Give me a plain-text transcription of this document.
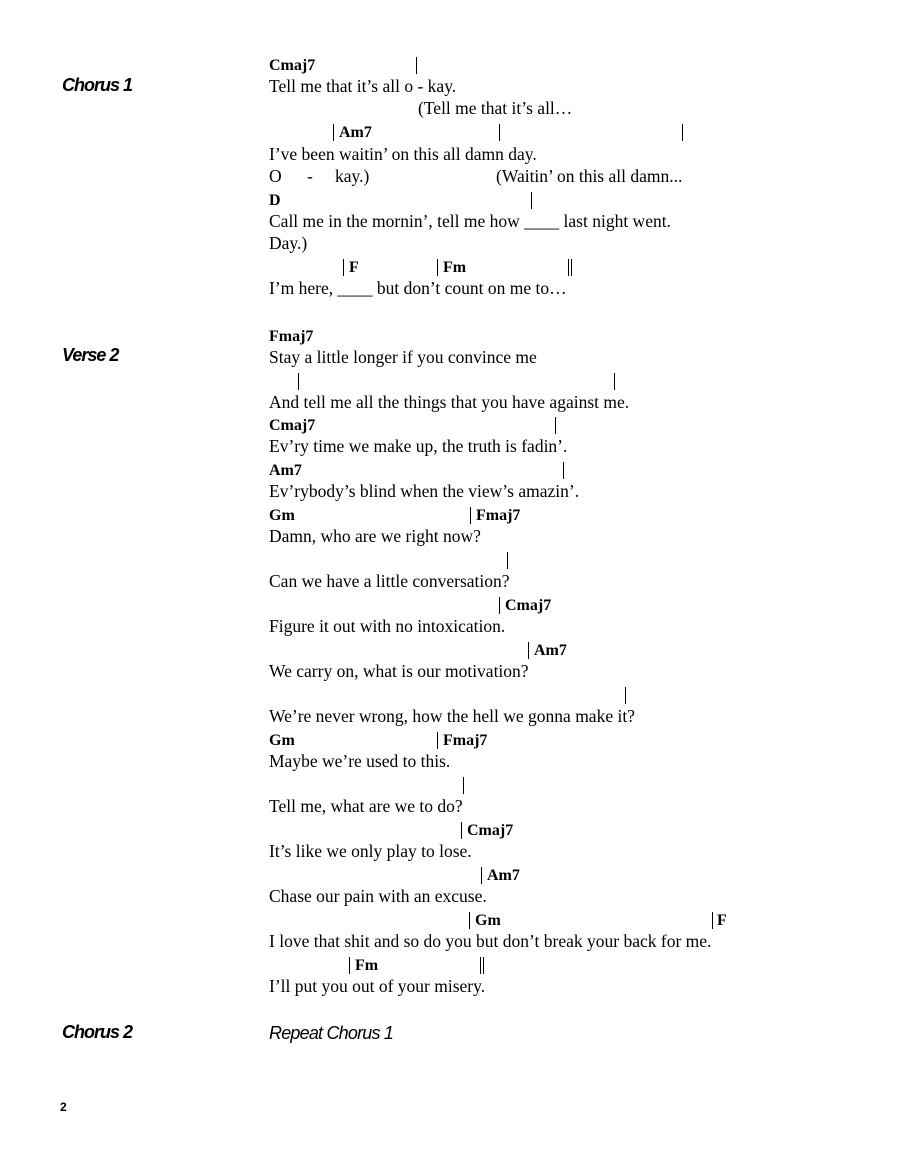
Chorus 1
Verse 2
Chorus 2
Cmaj7
Tell me that it’s all o - kay.
(Tell me that it’s all…
Am7
I’ve been waitin’ on this all damn day.
O - kay.)	(Waitin’ on this all damn...
D
Call me in the mornin’, tell me how ____ last night went.
Day.)
F	Fm
I’m here, ____ but don’t count on me to…
Fmaj7
Stay a little longer if you convince me
And tell me all the things that you have against me.
Cmaj7
Ev’ry time we make up, the truth is fadin’.
Am7
Ev’rybody’s blind when the view’s amazin’.
Gm	Fmaj7
Damn, who are we right now?
Can we have a little conversation?
Cmaj7
Figure it out with no intoxication.
Am7
We carry on, what is our motivation?
We’re never wrong, how the hell we gonna make it?
Gm	Fmaj7
Maybe we’re used to this.
Tell me, what are we to do?
Cmaj7
It’s like we only play to lose.
Am7
Chase our pain with an excuse.
Gm	F
I love that shit and so do you but don’t break your back for me.
Fm
I’ll put you out of your misery.
Repeat Chorus 1
2
